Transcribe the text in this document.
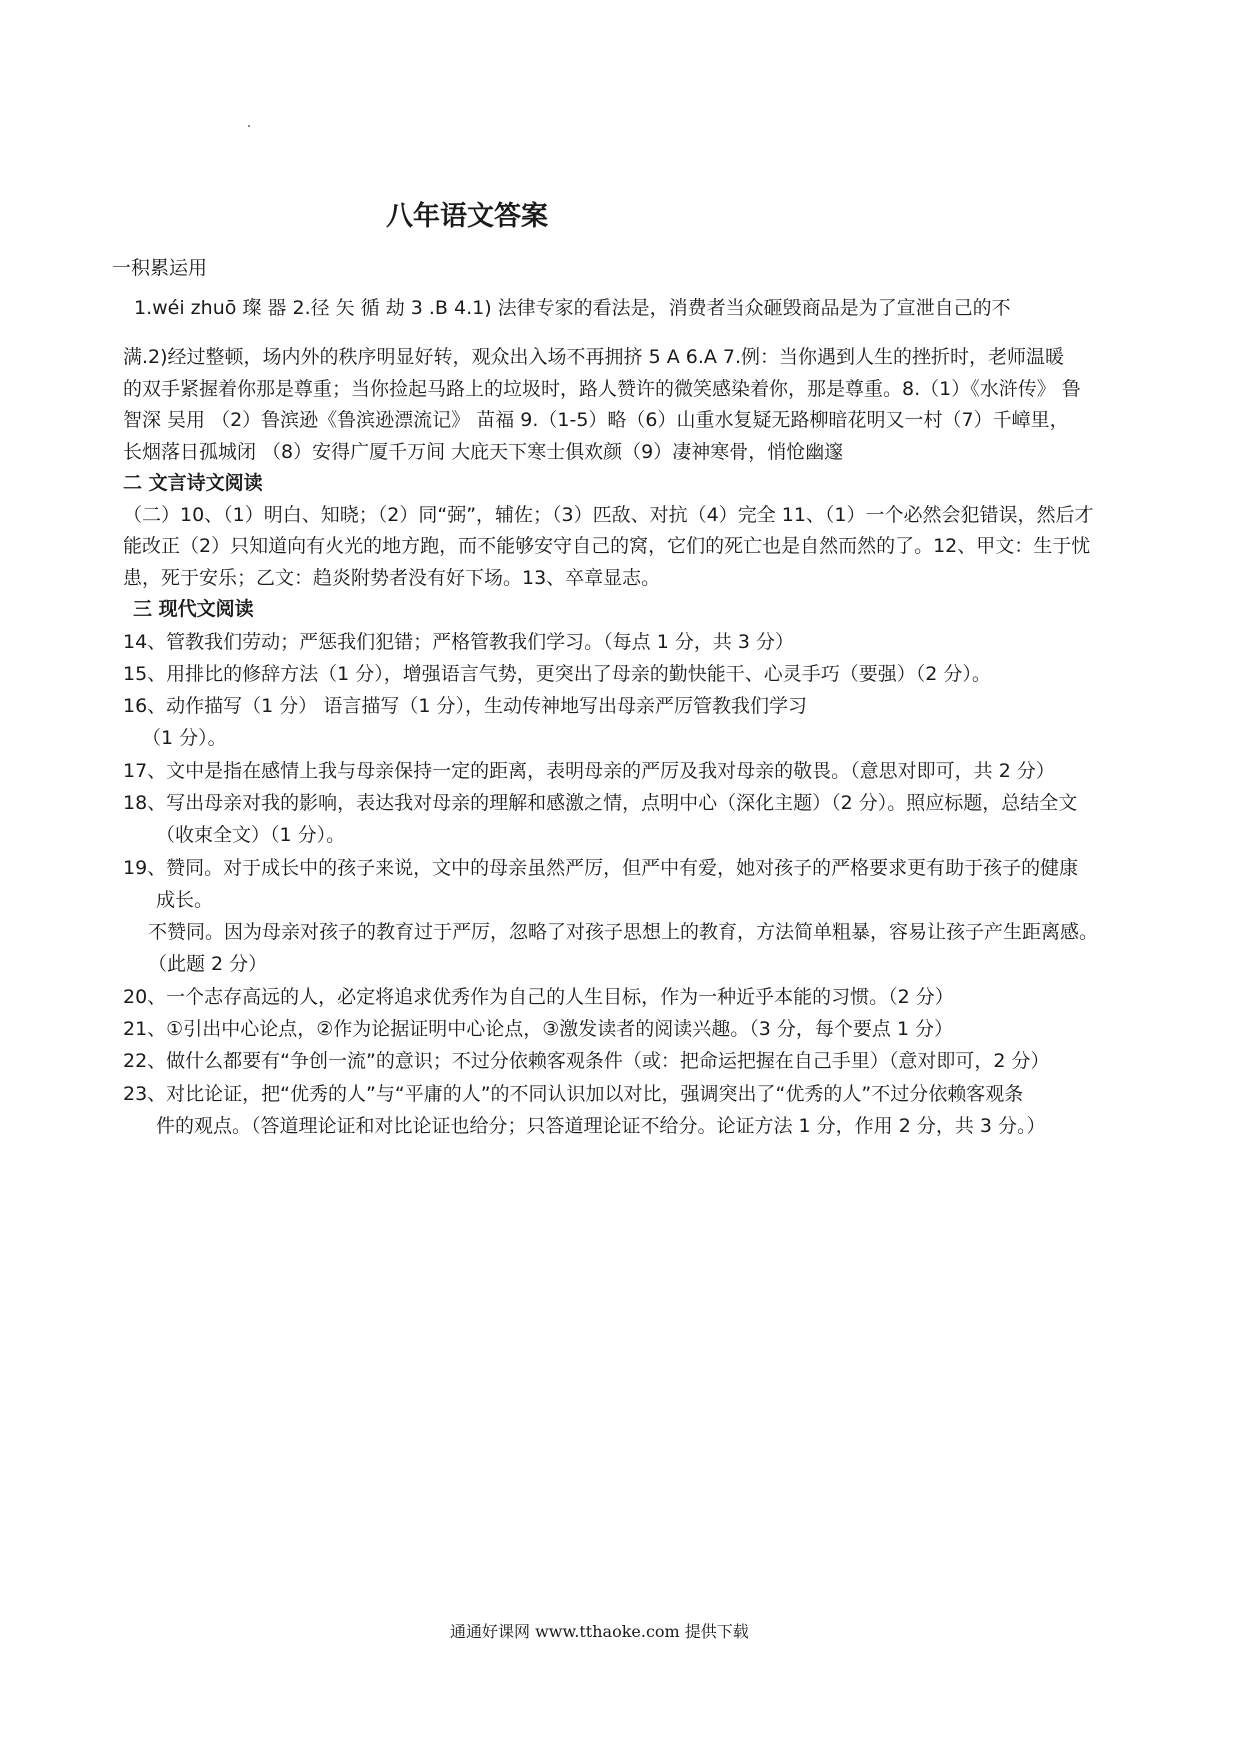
八年语文答案
一积累运用
1.wéi zhuō 璨 器 2.径 矢 循 劫 3 .B 4.1) 法律专家的看法是，消费者当众砸毁商品是为了宣泄自己的不
满.2)经过整顿，场内外的秩序明显好转，观众出入场不再拥挤 5 A 6.A 7.例：当你遇到人生的挫折时，老师温暖
的双手紧握着你那是尊重；当你捡起马路上的垃圾时，路人赞许的微笑感染着你，那是尊重。8.（1）《水浒传》 鲁
智深 吴用 （2）鲁滨逊《鲁滨逊漂流记》 苗福 9.（1-5）略（6）山重水复疑无路柳暗花明又一村（7）千嶂里，
长烟落日孤城闭 （8）安得广厦千万间 大庇天下寒士俱欢颜（9）凄神寒骨，悄怆幽邃
二 文言诗文阅读
（二）10、（1）明白、知晓；（2）同“弼”，辅佐；（3）匹敌、对抗（4）完全 11、（1）一个必然会犯错误，然后才
能改正（2）只知道向有火光的地方跑，而不能够安守自己的窝，它们的死亡也是自然而然的了。12、甲文：生于忧
患，死于安乐；乙文：趋炎附势者没有好下场。13、卒章显志。
三 现代文阅读
14、管教我们劳动；严惩我们犯错；严格管教我们学习。（每点 1 分，共 3 分）
15、用排比的修辞方法（1 分），增强语言气势，更突出了母亲的勤快能干、心灵手巧（要强）（2 分）。
16、动作描写（1 分） 语言描写（1 分），生动传神地写出母亲严厉管教我们学习
（1 分）。
17、文中是指在感情上我与母亲保持一定的距离，表明母亲的严厉及我对母亲的敬畏。（意思对即可，共 2 分）
18、写出母亲对我的影响，表达我对母亲的理解和感激之情，点明中心（深化主题）（2 分）。照应标题，总结全文
（收束全文）（1 分）。
19、赞同。对于成长中的孩子来说，文中的母亲虽然严厉，但严中有爱，她对孩子的严格要求更有助于孩子的健康
成长。
不赞同。因为母亲对孩子的教育过于严厉，忽略了对孩子思想上的教育，方法简单粗暴，容易让孩子产生距离感。
（此题 2 分）
20、一个志存高远的人，必定将追求优秀作为自己的人生目标，作为一种近乎本能的习惯。（2 分）
21、①引出中心论点，②作为论据证明中心论点，③激发读者的阅读兴趣。（3 分，每个要点 1 分）
22、做什么都要有“争创一流”的意识；不过分依赖客观条件（或：把命运把握在自己手里）（意对即可，2 分）
23、对比论证，把“优秀的人”与“平庸的人”的不同认识加以对比，强调突出了“优秀的人”不过分依赖客观条
件的观点。（答道理论证和对比论证也给分；只答道理论证不给分。论证方法 1 分，作用 2 分，共 3 分。）
通通好课网 www.tthaoke.com 提供下载
